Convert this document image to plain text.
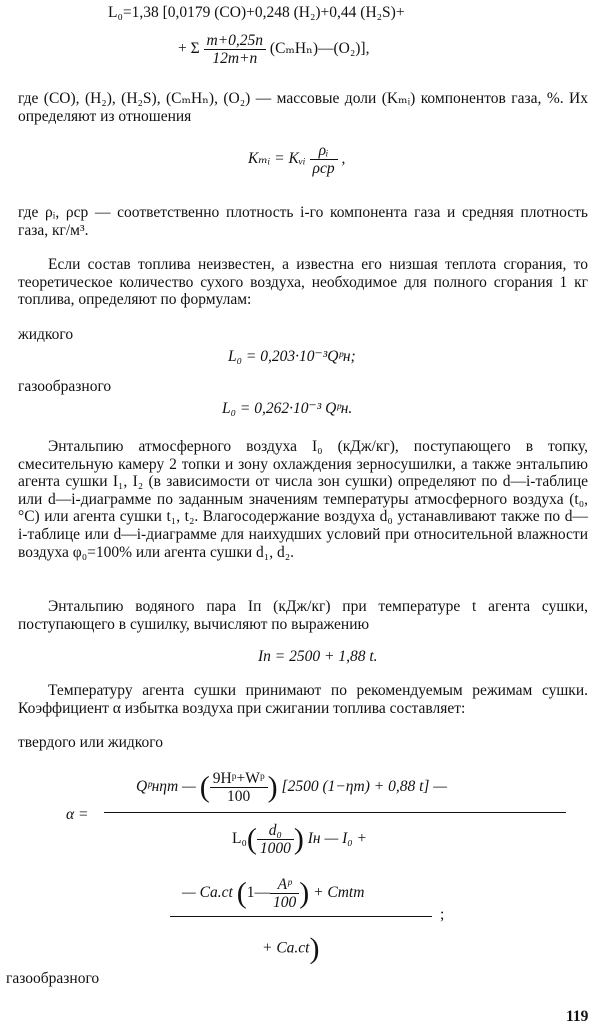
L₀=1,38 [0,0179 (CO)+0,248 (H₂)+0,44 (H₂S)+
+ Σ $\frac{m+0,25n}{12m+n}$ (CₘHₙ)—(O₂)],

где (CO), (H₂), (H₂S), (CₘHₙ), (O₂) — массовые доли (Kₘᵢ) компонентов газа, %. Их определяют из отношения

Kₘᵢ = Kᵥᵢ $\frac{\text{ρᵢ}}{\text{ρср}}$ ,

где ρᵢ, ρср — соответственно плотность i-го компонента газа и средняя плотность газа, кг/м³.

Если состав топлива неизвестен, а известна его низшая теплота сгорания, то теоретическое количество сухого воздуха, необходимое для полного сгорания 1 кг топлива, определяют по формулам:

жидкого
L₀ = 0,203·10⁻³Qᵖн;
газообразного
L₀ = 0,262·10⁻³ Qᵖн.

Энтальпию атмосферного воздуха I₀ (кДж/кг), поступающего в топку, смесительную камеру 2 топки и зону охлаждения зерносушилки, а также энтальпию агента сушки I₁, I₂ (в зависимости от числа зон сушки) определяют по d—i-таблице или d—i-диаграмме по заданным значениям температуры атмосферного воздуха (t₀, °C) или агента сушки t₁, t₂. Влагосодержание воздуха d₀ устанавливают также по d—i-таблице или d—i-диаграмме для наихудших условий при относительной влажности воздуха φ₀=100% или агента сушки d₁, d₂.

Энтальпию водяного пара Iп (кДж/кг) при температуре t агента сушки, поступающего в сушилку, вычисляют по выражению

Iп = 2500 + 1,88 t.

Температуру агента сушки принимают по рекомендуемым режимам сушки. Коэффициент α избытка воздуха при сжигании топлива составляет:

твердого или жидкого
α =
Qᵖнηт — ( $\frac{\text{9Hᵖ+Wᵖ}}{100}$ ) [2500 (1−ηт) + 0,88 t] —
$L_0( \frac{\text{d₀}}{1000}$ ) Iн — I₀ +
— Cа.сt (1— $\frac{\text{Aᵖ}}{100}$ ) + Cтtт
;
+ Cа.сt)
газообразного
119
